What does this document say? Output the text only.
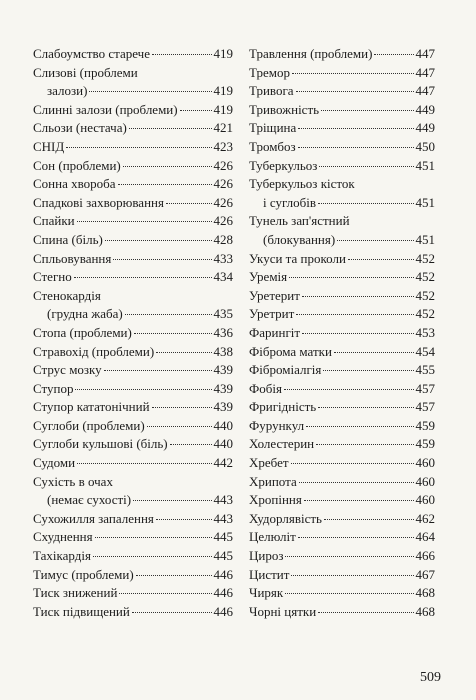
Слабоумство старече	419
Слизові (проблеми
залози)	419
Слинні залози (проблеми)	419
Сльози (нестача)	421
СНІД	423
Сон (проблеми)	426
Сонна хвороба	426
Спадкові захворювання	426
Спайки	426
Спина (біль)	428
Спльовування	433
Стегно	434
Стенокардія
(грудна жаба)	435
Стопа (проблеми)	436
Стравохід (проблеми)	438
Струс мозку	439
Ступор	439
Ступор кататонічний	439
Суглоби (проблеми)	440
Суглоби кульшові (біль)	440
Судоми	442
Сухість в очах
(немає сухості)	443
Сухожилля запалення	443
Схуднення	445
Тахікардія	445
Тимус (проблеми)	446
Тиск знижений	446
Тиск підвищений	446
Травлення (проблеми)	447
Тремор	447
Тривога	447
Тривожність	449
Тріщина	449
Тромбоз	450
Туберкульоз	451
Туберкульоз кісток
і суглобів	451
Тунель зап'ястний
(блокування)	451
Укуси та проколи	452
Уремія	452
Уретерит	452
Уретрит	452
Фарингіт	453
Фіброма матки	454
Фіброміалгія	455
Фобія	457
Фригідність	457
Фурункул	459
Холестерин	459
Хребет	460
Хрипота	460
Хропіння	460
Худорлявість	462
Целюліт	464
Цироз	466
Цистит	467
Чиряк	468
Чорні цятки	468
509
